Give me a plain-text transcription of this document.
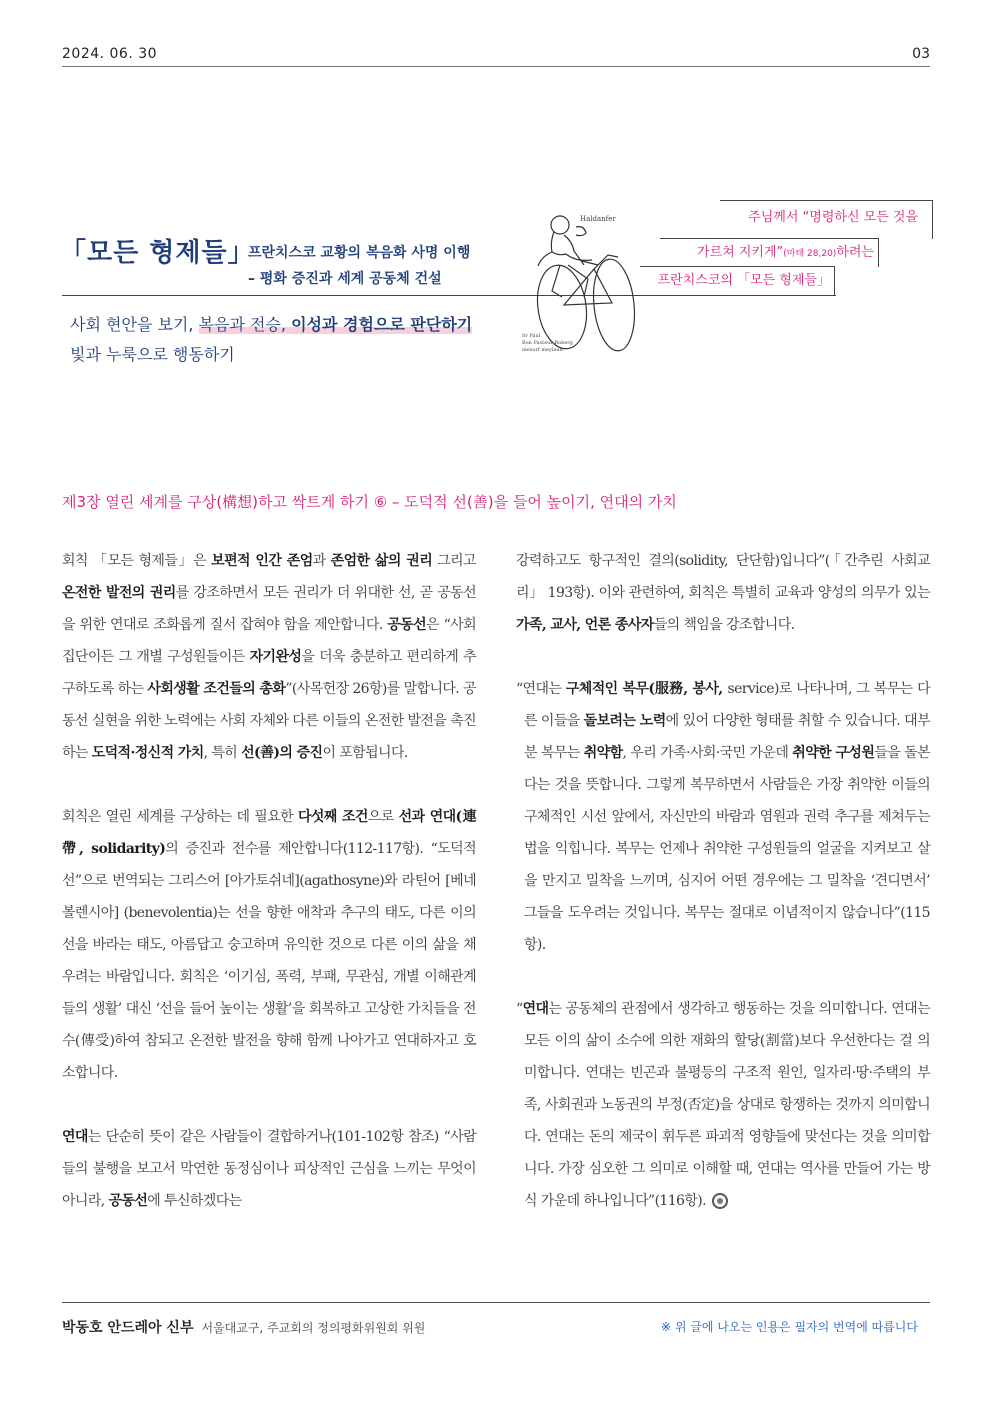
2024. 06. 30	03
「모든 형제들」
프란치스코 교황의 복음화 사명 이행
– 평화 증진과 세계 공동체 건설
사회 현안을 보기, 복음과 전승, 이성과 경험으로 판단하기
빛과 누룩으로 행동하기
Haldanfer
Sr Paul
Bon Pasteur Roberg
mesurf meylaud
주님께서 “명령하신 모든 것을
가르쳐 지키게”(마태 28,20)하려는
프란치스코의 「모든 형제들」
제3장 열린 세계를 구상(構想)하고 싹트게 하기 ⑥ – 도덕적 선(善)을 들어 높이기, 연대의 가치

회칙 「모든 형제들」은 보편적 인간 존엄과 존엄한 삶의 권리 그리고 온전한 발전의 권리를 강조하면서 모든 권리가 더 위대한 선, 곧 공동선을 위한 연대로 조화롭게 질서 잡혀야 함을 제안합니다. 공동선은 “사회 집단이든 그 개별 구성원들이든 자기완성을 더욱 충분하고 편리하게 추구하도록 하는 사회생활 조건들의 총화”(사목헌장 26항)를 말합니다. 공동선 실현을 위한 노력에는 사회 자체와 다른 이들의 온전한 발전을 촉진하는 도덕적·정신적 가치, 특히 선(善)의 증진이 포함됩니다.

회칙은 열린 세계를 구상하는 데 필요한 다섯째 조건으로 선과 연대(連帶, solidarity)의 증진과 전수를 제안합니다(112-117항). “도덕적 선”으로 번역되는 그리스어 [아가토쉬네](agathosyne)와 라틴어 [베네볼렌시아] (benevolentia)는 선을 향한 애착과 추구의 태도, 다른 이의 선을 바라는 태도, 아름답고 숭고하며 유익한 것으로 다른 이의 삶을 채우려는 바람입니다. 회칙은 ‘이기심, 폭력, 부패, 무관심, 개별 이해관계들의 생활’ 대신 ‘선을 들어 높이는 생활’을 회복하고 고상한 가치들을 전수(傳受)하여 참되고 온전한 발전을 향해 함께 나아가고 연대하자고 호소합니다.

연대는 단순히 뜻이 같은 사람들이 결합하거나(101-102항 참조) “사람들의 불행을 보고서 막연한 동정심이나 피상적인 근심을 느끼는 무엇이 아니라, 공동선에 투신하겠다는

강력하고도 항구적인 결의(solidity, 단단함)입니다”(「간추린 사회교리」 193항). 이와 관련하여, 회칙은 특별히 교육과 양성의 의무가 있는 가족, 교사, 언론 종사자들의 책임을 강조합니다.

“연대는 구체적인 복무(服務, 봉사, service)로 나타나며, 그 복무는 다른 이들을 돌보려는 노력에 있어 다양한 형태를 취할 수 있습니다. 대부분 복무는 취약함, 우리 가족·사회·국민 가운데 취약한 구성원들을 돌본다는 것을 뜻합니다. 그렇게 복무하면서 사람들은 가장 취약한 이들의 구체적인 시선 앞에서, 자신만의 바람과 염원과 권력 추구를 제쳐두는 법을 익힙니다. 복무는 언제나 취약한 구성원들의 얼굴을 지켜보고 살을 만지고 밀착을 느끼며, 심지어 어떤 경우에는 그 밀착을 ‘견디면서’ 그들을 도우려는 것입니다. 복무는 절대로 이념적이지 않습니다”(115항).

“연대는 공동체의 관점에서 생각하고 행동하는 것을 의미합니다. 연대는 모든 이의 삶이 소수에 의한 재화의 할당(割當)보다 우선한다는 걸 의미합니다. 연대는 빈곤과 불평등의 구조적 원인, 일자리·땅·주택의 부족, 사회권과 노동권의 부정(否定)을 상대로 항쟁하는 것까지 의미합니다. 연대는 돈의 제국이 휘두른 파괴적 영향들에 맞선다는 것을 의미합니다. 가장 심오한 그 의미로 이해할 때, 연대는 역사를 만들어 가는 방식 가운데 하나입니다”(116항).

박동호 안드레아 신부 서울대교구, 주교회의 정의평화위원회 위원	※ 위 글에 나오는 인용은 필자의 번역에 따릅니다
